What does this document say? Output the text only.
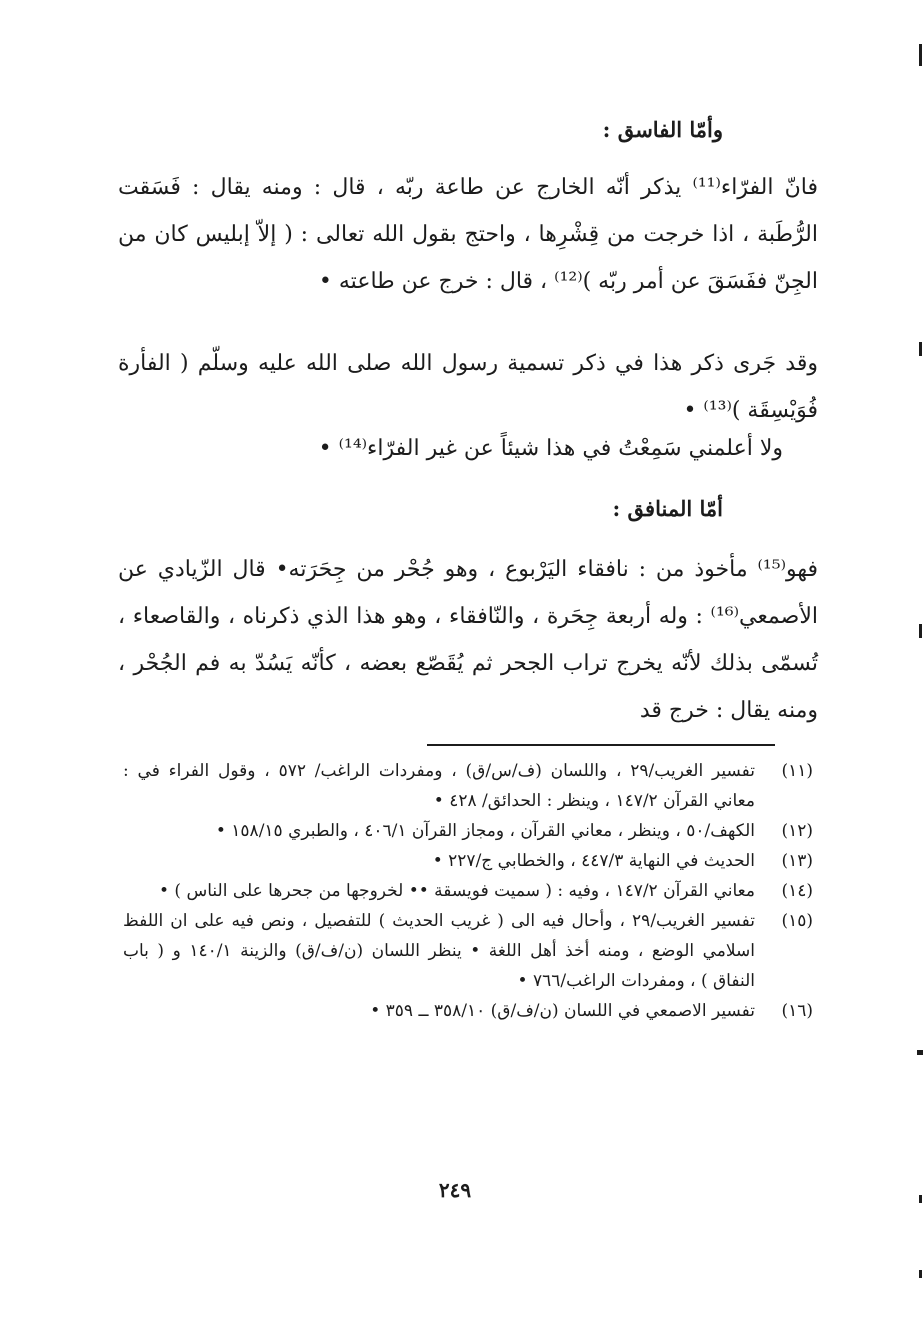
وأمّا الفاسق :
فانّ الفرّاء⁽¹¹⁾ يذكر أنّه الخارج عن طاعة ربّه ، قال : ومنه يقال : فَسَقت الرُّطَبة ، اذا خرجت من قِشْرِها ، واحتج بقول الله تعالى : ( إلاّ إبليس كان من الجِنّ ففَسَقَ عن أمر ربّه )⁽¹²⁾ ، قال : خرج عن طاعته •
وقد جَرى ذكر هذا في ذكر تسمية رسول الله صلى الله عليه وسلّم ( الفأرة فُوَيْسِقَة )⁽¹³⁾ •
ولا أعلمني سَمِعْتُ في هذا شيئاً عن غير الفرّاء⁽¹⁴⁾ •
أمّا المنافق :
فهو⁽¹⁵⁾ مأخوذ من : نافقاء اليَرْبوع ، وهو جُحْر من جِحَرَته• قال الزّيادي عن الأصمعي⁽¹⁶⁾ : وله أربعة جِحَرة ، والنّافقاء ، وهو هذا الذي ذكرناه ، والقاصعاء ، تُسمّى بذلك لأنّه يخرج تراب الجحر ثم يُقَصّع بعضه ، كأنّه يَسُدّ به فم الجُحْر ، ومنه يقال : خرج قد
(١١)
تفسير الغريب/٢٩ ، واللسان (ف/س/ق) ، ومفردات الراغب/ ٥٧٢ ، وقول الفراء في : معاني القرآن ١٤٧/٢ ، وينظر : الحدائق/ ٤٢٨ •
(١٢)
الكهف/٥٠ ، وينظر ، معاني القرآن ، ومجاز القرآن ٤٠٦/١ ، والطبري ١٥٨/١٥ •
(١٣)
الحديث في النهاية ٤٤٧/٣ ، والخطابي ج/٢٢٧ •
(١٤)
معاني القرآن ١٤٧/٢ ، وفيه : ( سميت فويسقة •• لخروجها من جحرها على الناس ) •
(١٥)
تفسير الغريب/٢٩ ، وأحال فيه الى ( غريب الحديث ) للتفصيل ، ونص فيه على ان اللفظ اسلامي الوضع ، ومنه أخذ أهل اللغة • ينظر اللسان (ن/ف/ق) والزينة ١٤٠/١ و ( باب النفاق ) ، ومفردات الراغب/٧٦٦ •
(١٦)
تفسير الاصمعي في اللسان (ن/ف/ق) ٣٥٨/١٠ ــ ٣٥٩ •
٢٤٩
